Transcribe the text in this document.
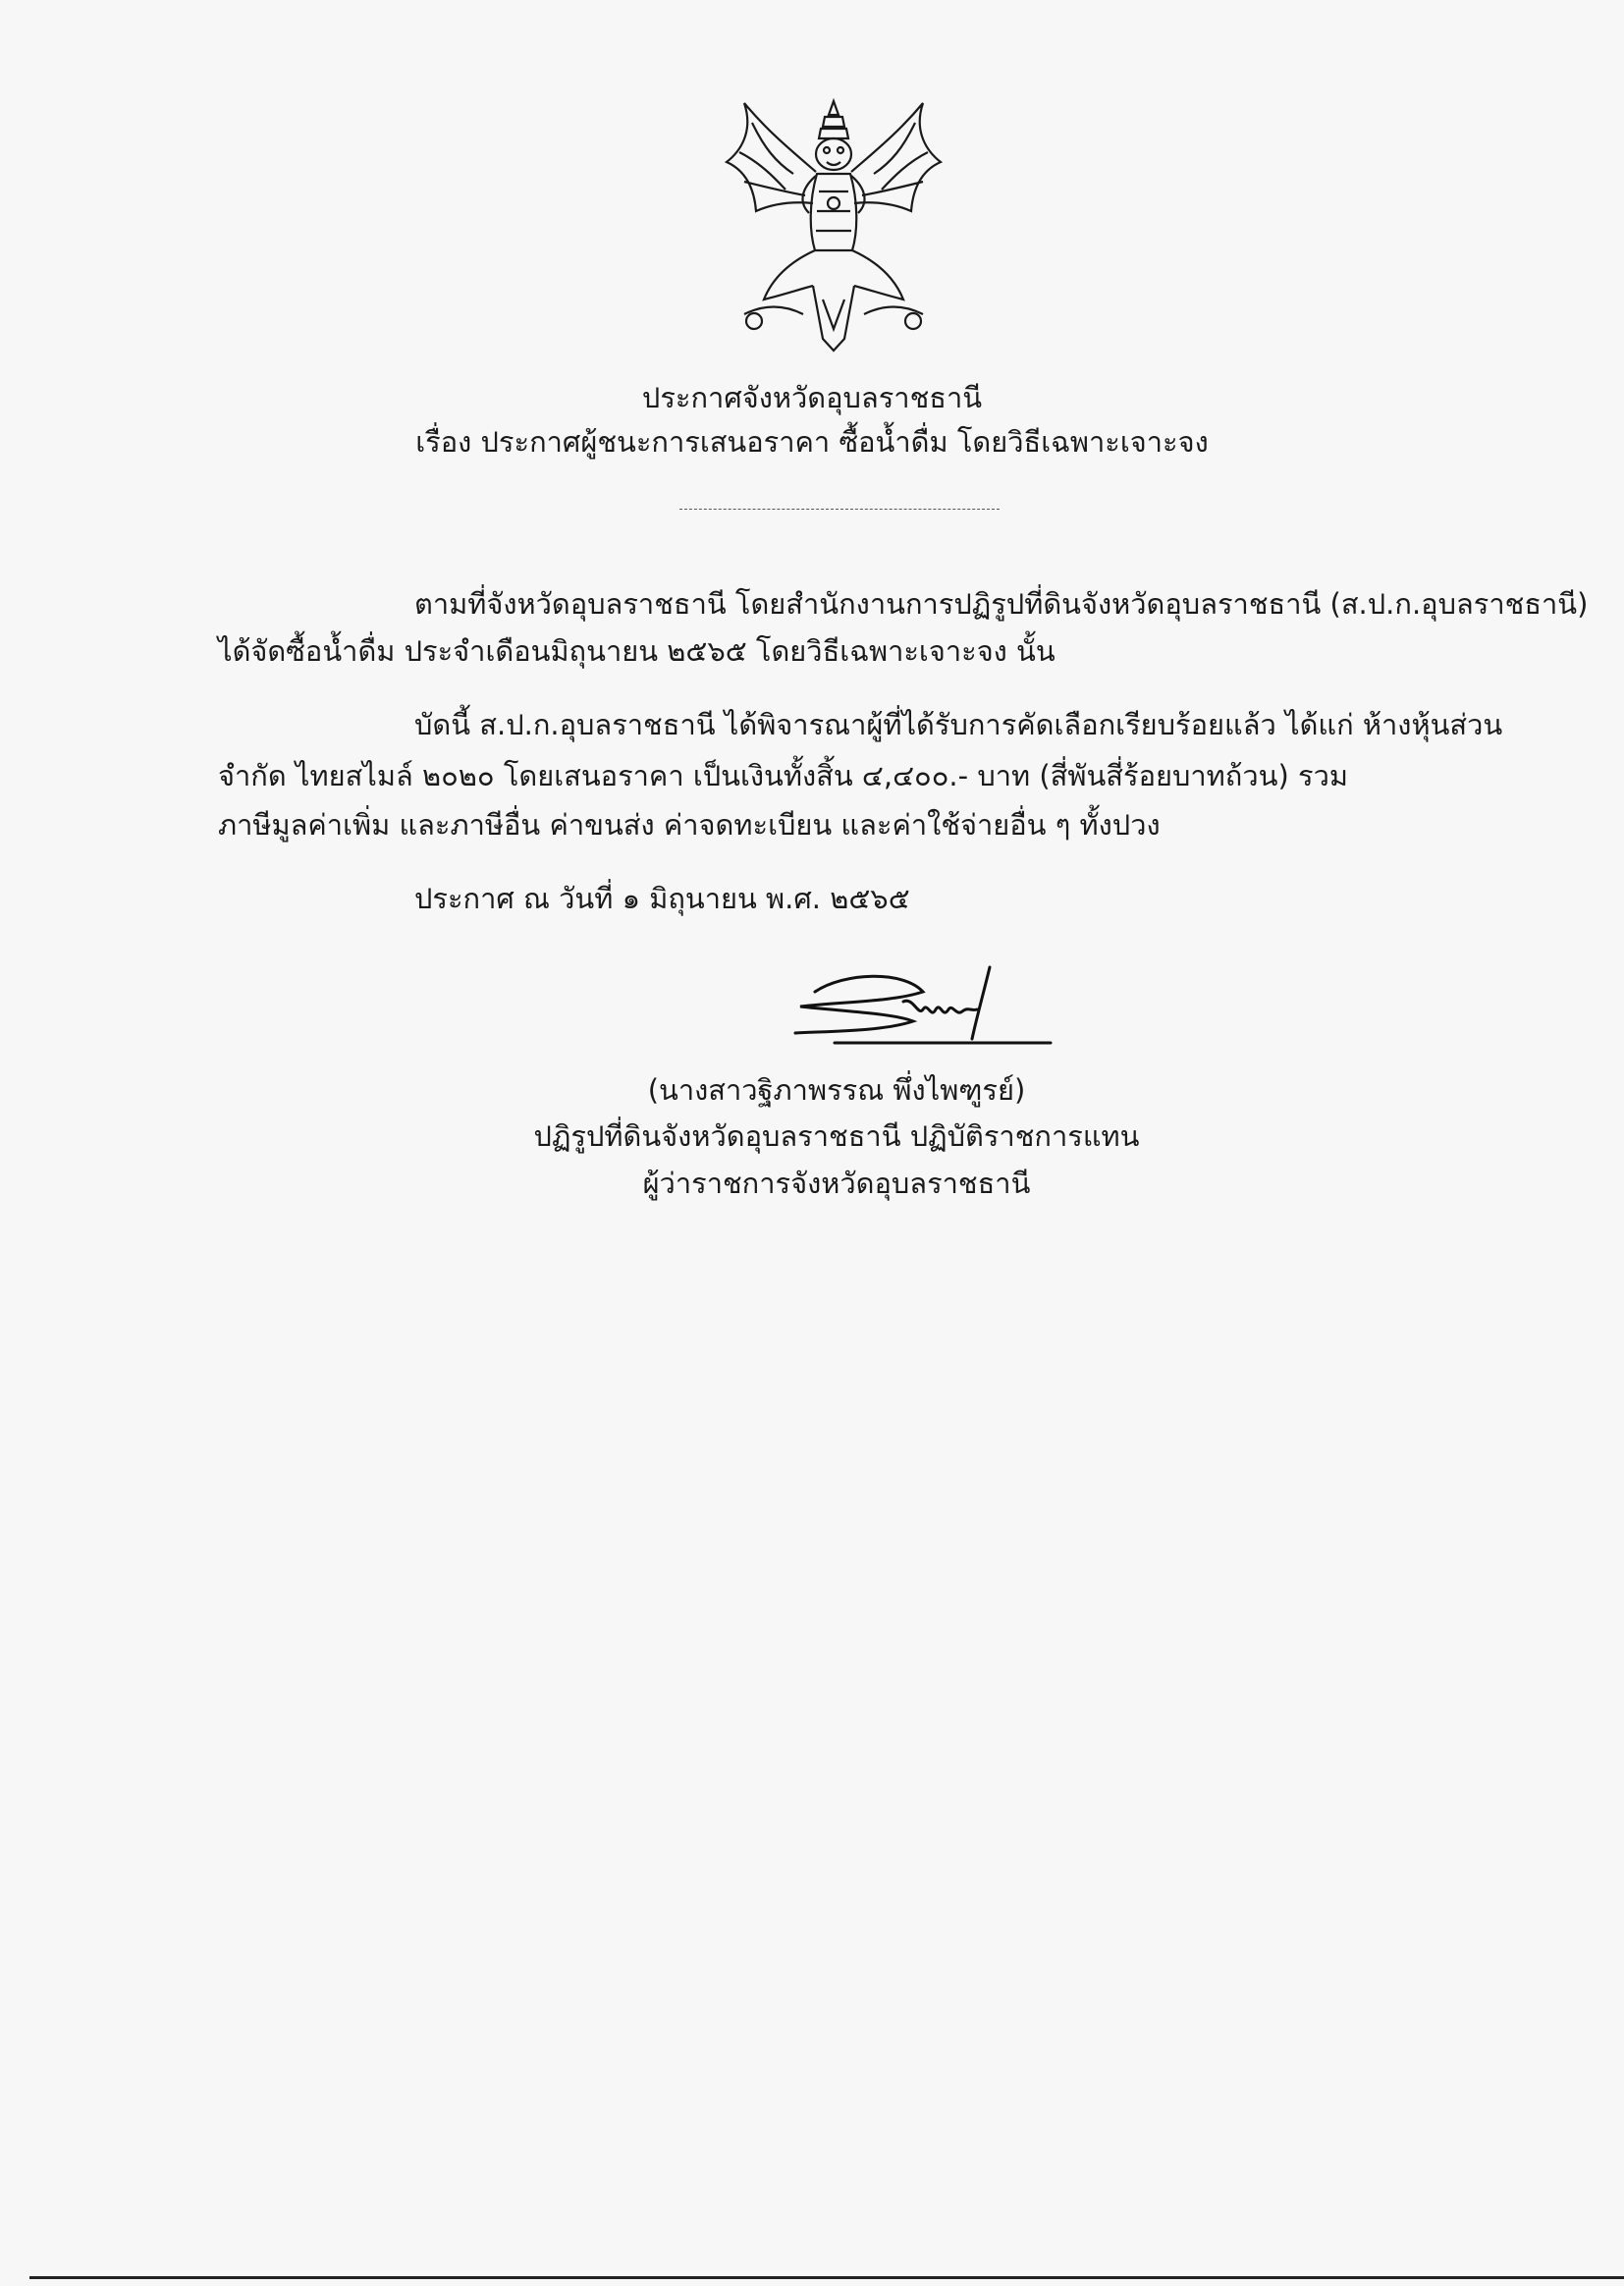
ประกาศจังหวัดอุบลราชธานี
เรื่อง ประกาศผู้ชนะการเสนอราคา ซื้อน้ำดื่ม โดยวิธีเฉพาะเจาะจง
ตามที่จังหวัดอุบลราชธานี โดยสำนักงานการปฏิรูปที่ดินจังหวัดอุบลราชธานี (ส.ป.ก.อุบลราชธานี)
ได้จัดซื้อน้ำดื่ม ประจำเดือนมิถุนายน ๒๕๖๕ โดยวิธีเฉพาะเจาะจง นั้น
บัดนี้ ส.ป.ก.อุบลราชธานี ได้พิจารณาผู้ที่ได้รับการคัดเลือกเรียบร้อยแล้ว ได้แก่ ห้างหุ้นส่วน
จำกัด ไทยสไมล์ ๒๐๒๐ โดยเสนอราคา เป็นเงินทั้งสิ้น ๔,๔๐๐.- บาท (สี่พันสี่ร้อยบาทถ้วน) รวม
ภาษีมูลค่าเพิ่ม และภาษีอื่น ค่าขนส่ง ค่าจดทะเบียน และค่าใช้จ่ายอื่น ๆ ทั้งปวง
ประกาศ ณ วันที่ ๑ มิถุนายน พ.ศ. ๒๕๖๕
(นางสาวฐิภาพรรณ พึ่งไพฑูรย์)
ปฏิรูปที่ดินจังหวัดอุบลราชธานี ปฏิบัติราชการแทน
ผู้ว่าราชการจังหวัดอุบลราชธานี
